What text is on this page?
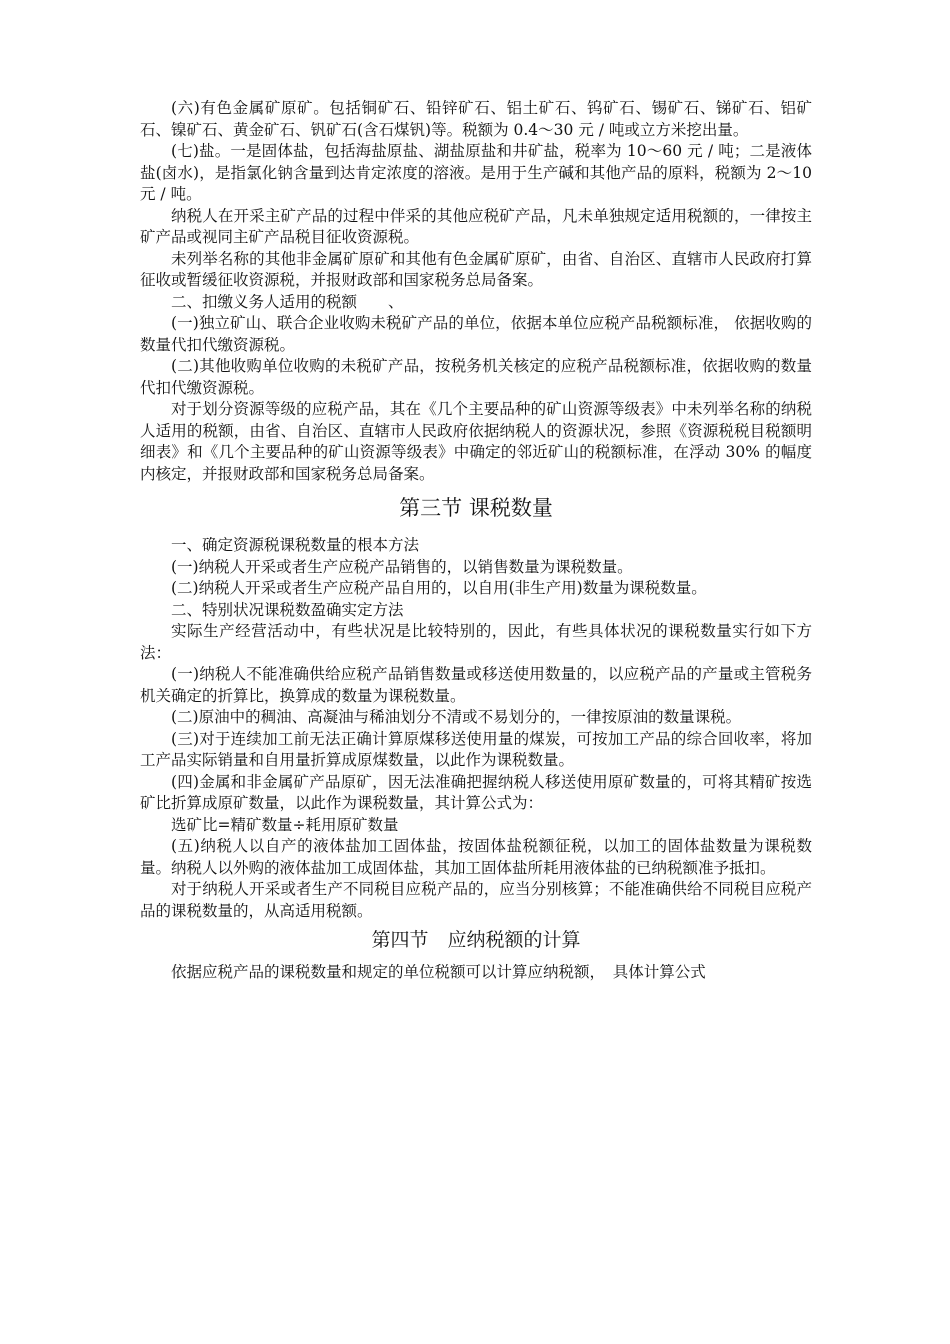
(六)有色金属矿原矿。包括铜矿石、铅锌矿石、铝土矿石、钨矿石、锡矿石、锑矿石、铝矿石、镍矿石、黄金矿石、钒矿石(含石煤钒)等。税额为 0.4～30 元 / 吨或立方米挖出量。

(七)盐。一是固体盐，包括海盐原盐、湖盐原盐和井矿盐，税率为 10～60 元 / 吨；二是液体盐(卤水)，是指氯化钠含量到达肯定浓度的溶液。是用于生产碱和其他产品的原料，税额为 2～10 元 / 吨。

纳税人在开采主矿产品的过程中伴采的其他应税矿产品，凡未单独规定适用税额的，一律按主矿产品或视同主矿产品税目征收资源税。

未列举名称的其他非金属矿原矿和其他有色金属矿原矿，由省、自治区、直辖市人民政府打算征收或暂缓征收资源税，并报财政部和国家税务总局备案。

二、扣缴义务人适用的税额　　、

(一)独立矿山、联合企业收购未税矿产品的单位，依据本单位应税产品税额标准， 依据收购的数量代扣代缴资源税。

(二)其他收购单位收购的未税矿产品，按税务机关核定的应税产品税额标准，依据收购的数量代扣代缴资源税。

对于划分资源等级的应税产品，其在《几个主要品种的矿山资源等级表》中未列举名称的纳税人适用的税额，由省、自治区、直辖市人民政府依据纳税人的资源状况，参照《资源税税目税额明细表》和《几个主要品种的矿山资源等级表》中确定的邻近矿山的税额标准，在浮动 30% 的幅度内核定，并报财政部和国家税务总局备案。

第三节 课税数量

一、确定资源税课税数量的根本方法

(一)纳税人开采或者生产应税产品销售的，以销售数量为课税数量。

(二)纳税人开采或者生产应税产品自用的，以自用(非生产用)数量为课税数量。

二、特别状况课税数盈确实定方法

实际生产经营活动中，有些状况是比较特别的，因此，有些具体状况的课税数量实行如下方法：

(一)纳税人不能准确供给应税产品销售数量或移送使用数量的，以应税产品的产量或主管税务机关确定的折算比，换算成的数量为课税数量。

(二)原油中的稠油、高凝油与稀油划分不清或不易划分的，一律按原油的数量课税。

(三)对于连续加工前无法正确计算原煤移送使用量的煤炭，可按加工产品的综合回收率，将加工产品实际销量和自用量折算成原煤数量，以此作为课税数量。

(四)金属和非金属矿产品原矿，因无法准确把握纳税人移送使用原矿数量的，可将其精矿按选矿比折算成原矿数量，以此作为课税数量，其计算公式为：

选矿比=精矿数量÷耗用原矿数量

(五)纳税人以自产的液体盐加工固体盐，按固体盐税额征税，以加工的固体盐数量为课税数量。纳税人以外购的液体盐加工成固体盐，其加工固体盐所耗用液体盐的已纳税额准予抵扣。

对于纳税人开采或者生产不同税目应税产品的，应当分别核算；不能准确供给不同税目应税产品的课税数量的，从高适用税额。

第四节　应纳税额的计算

依据应税产品的课税数量和规定的单位税额可以计算应纳税额，　具体计算公式
